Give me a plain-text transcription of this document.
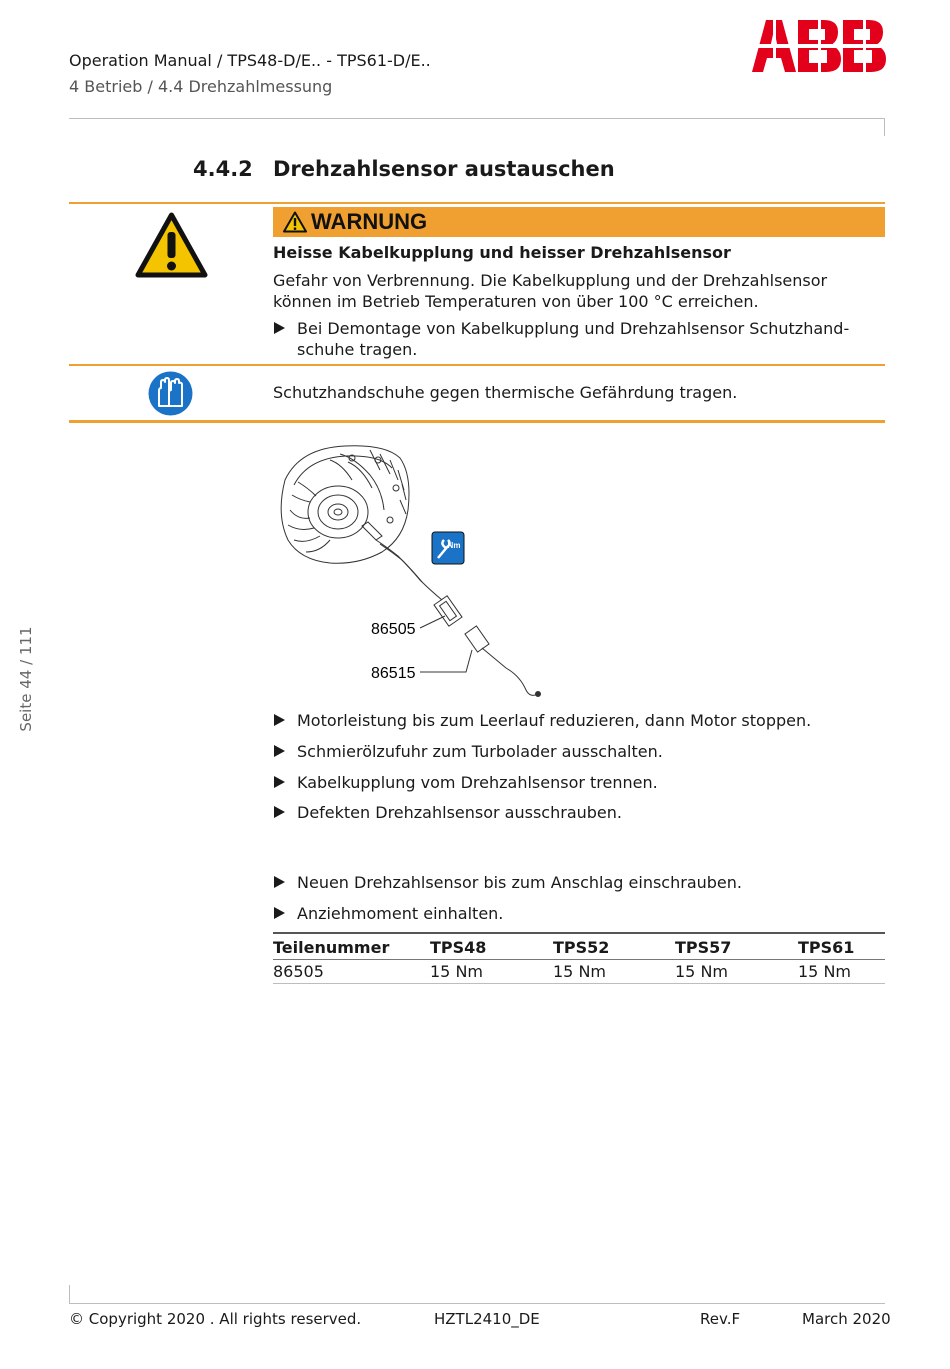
Operation Manual / TPS48-D/E.. - TPS61-D/E..
4 Betrieb / 4.4 Drehzahlmessung
4.4.2 Drehzahlsensor austauschen
WARNUNG
Heisse Kabelkupplung und heisser Drehzahlsensor
Gefahr von Verbrennung. Die Kabelkupplung und der Drehzahlsensor
können im Betrieb Temperaturen von über 100 °C erreichen.
Bei Demontage von Kabelkupplung und Drehzahlsensor Schutzhand-
schuhe tragen.
Schutzhandschuhe gegen thermische Gefährdung tragen.
Nm
86505
86515
Motorleistung bis zum Leerlauf reduzieren, dann Motor stoppen.
Schmierölzufuhr zum Turbolader ausschalten.
Kabelkupplung vom Drehzahlsensor trennen.
Defekten Drehzahlsensor ausschrauben.
Neuen Drehzahlsensor bis zum Anschlag einschrauben.
Anziehmoment einhalten.
Teilenummer	TPS48	TPS52	TPS57	TPS61
86505	15 Nm	15 Nm	15 Nm	15 Nm
Seite 44 / 111
© Copyright 2020 . All rights reserved.	HZTL2410_DE	Rev.F	March 2020
